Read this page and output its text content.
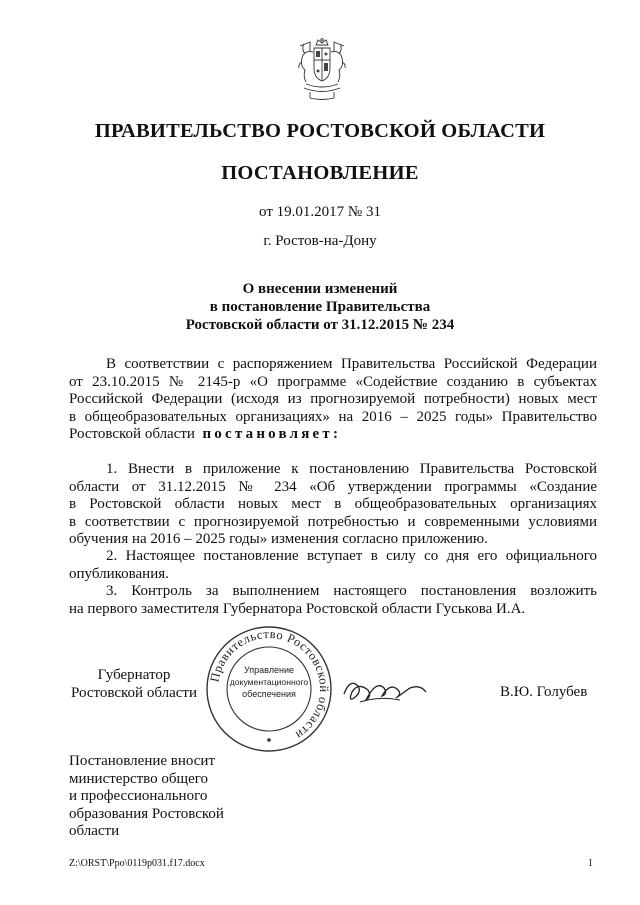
ПРАВИТЕЛЬСТВО РОСТОВСКОЙ ОБЛАСТИ
ПОСТАНОВЛЕНИЕ
от 19.01.2017 № 31
г. Ростов-на-Дону
О внесении изменений
в постановление Правительства
Ростовской области от 31.12.2015 № 234
В соответствии с распоряжением Правительства Российской Федерации
от 23.10.2015 № 2145-р «О программе «Содействие созданию в субъектах
Российской Федерации (исходя из прогнозируемой потребности) новых мест
в общеобразовательных организациях» на 2016 – 2025 годы» Правительство
Ростовской области постановляет:
1. Внести в приложение к постановлению Правительства Ростовской
области от 31.12.2015 № 234 «Об утверждении программы «Создание
в Ростовской области новых мест в общеобразовательных организациях
в соответствии с прогнозируемой потребностью и современными условиями
обучения на 2016 – 2025 годы» изменения согласно приложению.
2. Настоящее постановление вступает в силу со дня его официального
опубликования.
3. Контроль за выполнением настоящего постановления возложить
на первого заместителя Губернатора Ростовской области Гуськова И.А.
Губернатор
Ростовской области
Правительство Ростовской области
Управление
документационного
обеспечения	В.Ю. Голубев
Постановление вносит
министерство общего
и профессионального
образования Ростовской
области
Z:\ORST\Ppo\0119p031.f17.docx	1
